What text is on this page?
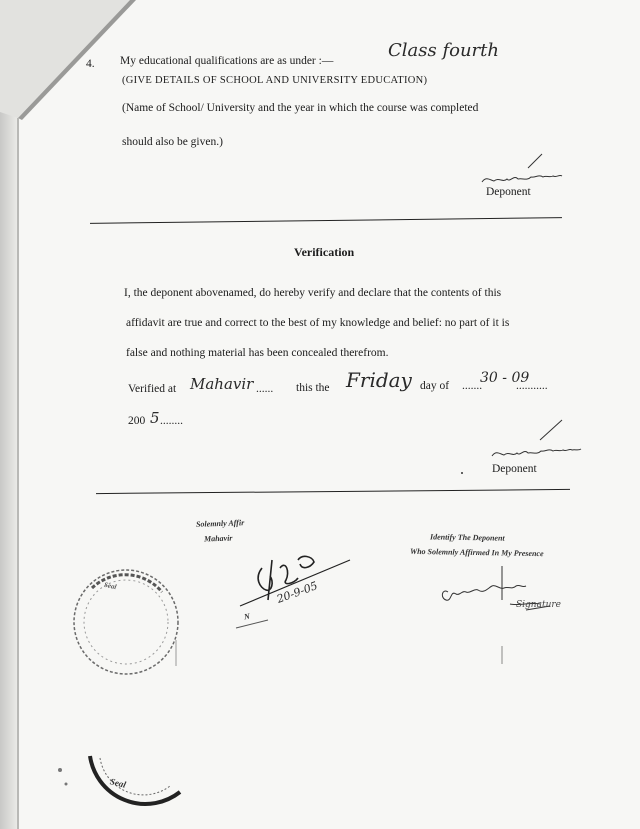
4. My educational qualifications are as under :—	Class fourth
(GIVE DETAILS OF SCHOOL AND UNIVERSITY EDUCATION)
(Name of School/ University and the year in which the course was completed
should also be given.)
Deponent
Verification
I, the deponent abovenamed, do hereby verify and declare that the contents of this
affidavit are true and correct to the best of my knowledge and belief: no part of it is
false and nothing material has been concealed therefrom.
Verified at Mahavir ...... this the Friday day of .......
30 - 09
...........
200 5 ........
Deponent
Solemnly Affir
Mahavir
N
20-9-05
Seal
Identify The Deponent
Who Solemnly Affirmed In My Presence
Signature
Seal
